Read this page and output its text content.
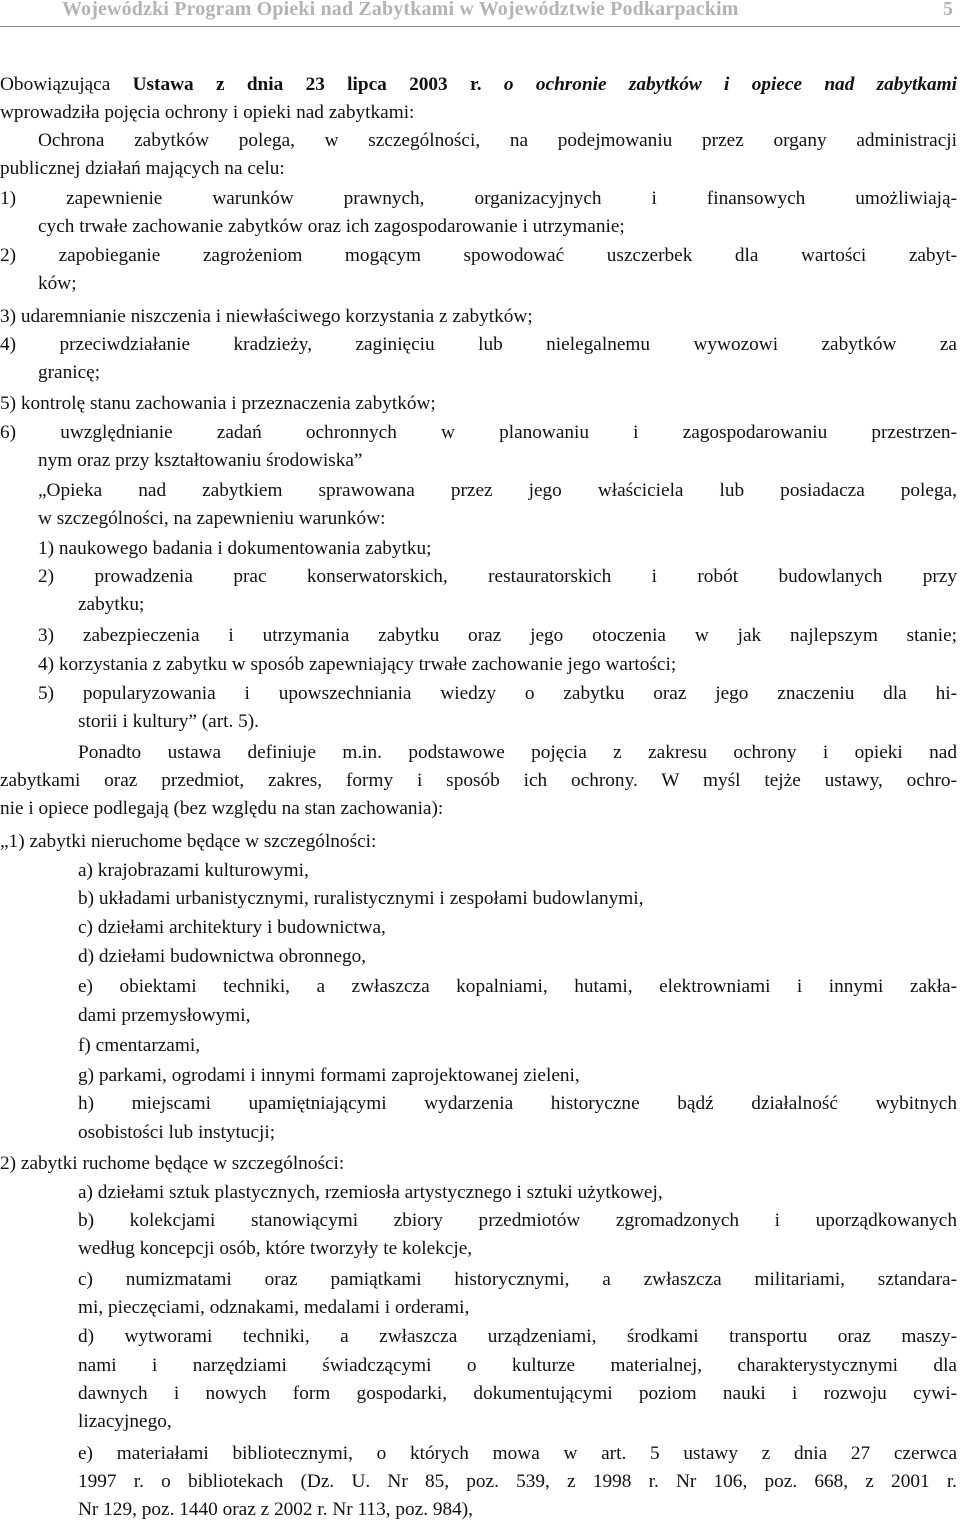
Wojewódzki Program Opieki nad Zabytkami w Województwie Podkarpackim	5
Obowiązująca Ustawa z dnia 23 lipca 2003 r. o ochronie zabytków i opiece nad zabytkami
wprowadziła pojęcia ochrony i opieki nad zabytkami:
Ochrona zabytków polega, w szczególności, na podejmowaniu przez organy administracji
publicznej działań mających na celu:
1) zapewnienie warunków prawnych, organizacyjnych i finansowych umożliwiają-
cych trwałe zachowanie zabytków oraz ich zagospodarowanie i utrzymanie;
2) zapobieganie zagrożeniom mogącym spowodować uszczerbek dla wartości zabyt-
ków;
3) udaremnianie niszczenia i niewłaściwego korzystania z zabytków;
4) przeciwdziałanie kradzieży, zaginięciu lub nielegalnemu wywozowi zabytków za
granicę;
5) kontrolę stanu zachowania i przeznaczenia zabytków;
6) uwzględnianie zadań ochronnych w planowaniu i zagospodarowaniu przestrzen-
nym oraz przy kształtowaniu środowiska”
„Opieka nad zabytkiem sprawowana przez jego właściciela lub posiadacza polega,
w szczególności, na zapewnieniu warunków:
1) naukowego badania i dokumentowania zabytku;
2) prowadzenia prac konserwatorskich, restauratorskich i robót budowlanych przy
zabytku;
3) zabezpieczenia i utrzymania zabytku oraz jego otoczenia w jak najlepszym stanie;
4) korzystania z zabytku w sposób zapewniający trwałe zachowanie jego wartości;
5) popularyzowania i upowszechniania wiedzy o zabytku oraz jego znaczeniu dla hi-
storii i kultury” (art. 5).
Ponadto ustawa definiuje m.in. podstawowe pojęcia z zakresu ochrony i opieki nad
zabytkami oraz przedmiot, zakres, formy i sposób ich ochrony. W myśl tejże ustawy, ochro-
nie i opiece podlegają (bez względu na stan zachowania):
„1) zabytki nieruchome będące w szczególności:
a) krajobrazami kulturowymi,
b) układami urbanistycznymi, ruralistycznymi i zespołami budowlanymi,
c) dziełami architektury i budownictwa,
d) dziełami budownictwa obronnego,
e) obiektami techniki, a zwłaszcza kopalniami, hutami, elektrowniami i innymi zakła-
dami przemysłowymi,
f) cmentarzami,
g) parkami, ogrodami i innymi formami zaprojektowanej zieleni,
h) miejscami upamiętniającymi wydarzenia historyczne bądź działalność wybitnych
osobistości lub instytucji;
2) zabytki ruchome będące w szczególności:
a) dziełami sztuk plastycznych, rzemiosła artystycznego i sztuki użytkowej,
b) kolekcjami stanowiącymi zbiory przedmiotów zgromadzonych i uporządkowanych
według koncepcji osób, które tworzyły te kolekcje,
c) numizmatami oraz pamiątkami historycznymi, a zwłaszcza militariami, sztandara-
mi, pieczęciami, odznakami, medalami i orderami,
d) wytworami techniki, a zwłaszcza urządzeniami, środkami transportu oraz maszy-
nami i narzędziami świadczącymi o kulturze materialnej, charakterystycznymi dla
dawnych i nowych form gospodarki, dokumentującymi poziom nauki i rozwoju cywi-
lizacyjnego,
e) materiałami bibliotecznymi, o których mowa w art. 5 ustawy z dnia 27 czerwca
1997 r. o bibliotekach (Dz. U. Nr 85, poz. 539, z 1998 r. Nr 106, poz. 668, z 2001 r.
Nr 129, poz. 1440 oraz z 2002 r. Nr 113, poz. 984),
